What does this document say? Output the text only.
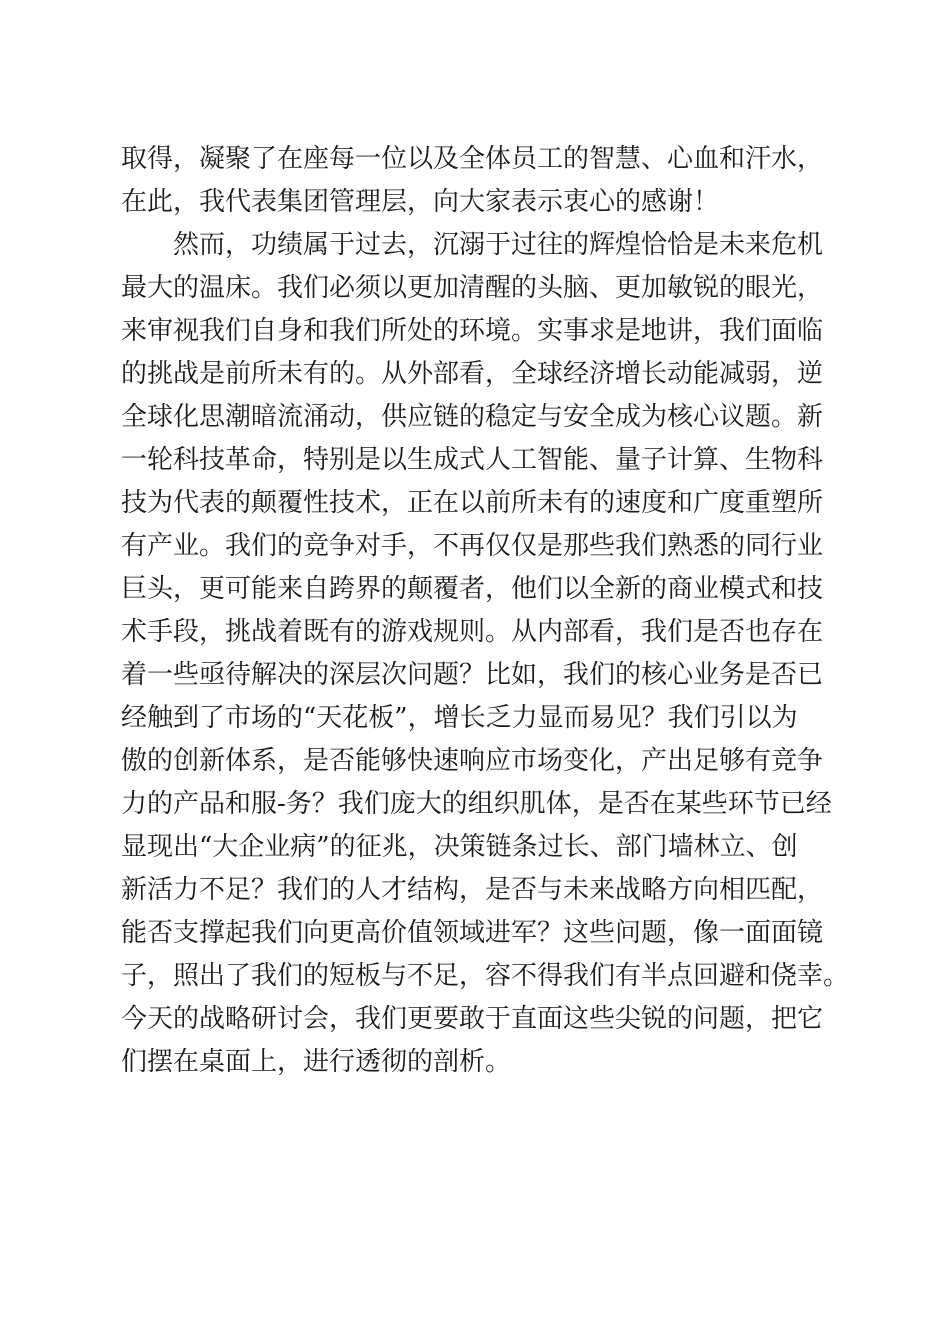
取得，凝聚了在座每一位以及全体员工的智慧、心血和汗水，
在此，我代表集团管理层，向大家表示衷心的感谢！
然而，功绩属于过去，沉溺于过往的辉煌恰恰是未来危机
最大的温床。我们必须以更加清醒的头脑、更加敏锐的眼光，
来审视我们自身和我们所处的环境。实事求是地讲，我们面临
的挑战是前所未有的。从外部看，全球经济增长动能减弱，逆
全球化思潮暗流涌动，供应链的稳定与安全成为核心议题。新
一轮科技革命，特别是以生成式人工智能、量子计算、生物科
技为代表的颠覆性技术，正在以前所未有的速度和广度重塑所
有产业。我们的竞争对手，不再仅仅是那些我们熟悉的同行业
巨头，更可能来自跨界的颠覆者，他们以全新的商业模式和技
术手段，挑战着既有的游戏规则。从内部看，我们是否也存在
着一些亟待解决的深层次问题？比如，我们的核心业务是否已
经触到了市场的“天花板”，增长乏力显而易见？我们引以为
傲的创新体系，是否能够快速响应市场变化，产出足够有竞争
力的产品和服-务？我们庞大的组织肌体，是否在某些环节已经
显现出“大企业病”的征兆，决策链条过长、部门墙林立、创
新活力不足？我们的人才结构，是否与未来战略方向相匹配，
能否支撑起我们向更高价值领域进军？这些问题，像一面面镜
子，照出了我们的短板与不足，容不得我们有半点回避和侥幸。
今天的战略研讨会，我们更要敢于直面这些尖锐的问题，把它
们摆在桌面上，进行透彻的剖析。
